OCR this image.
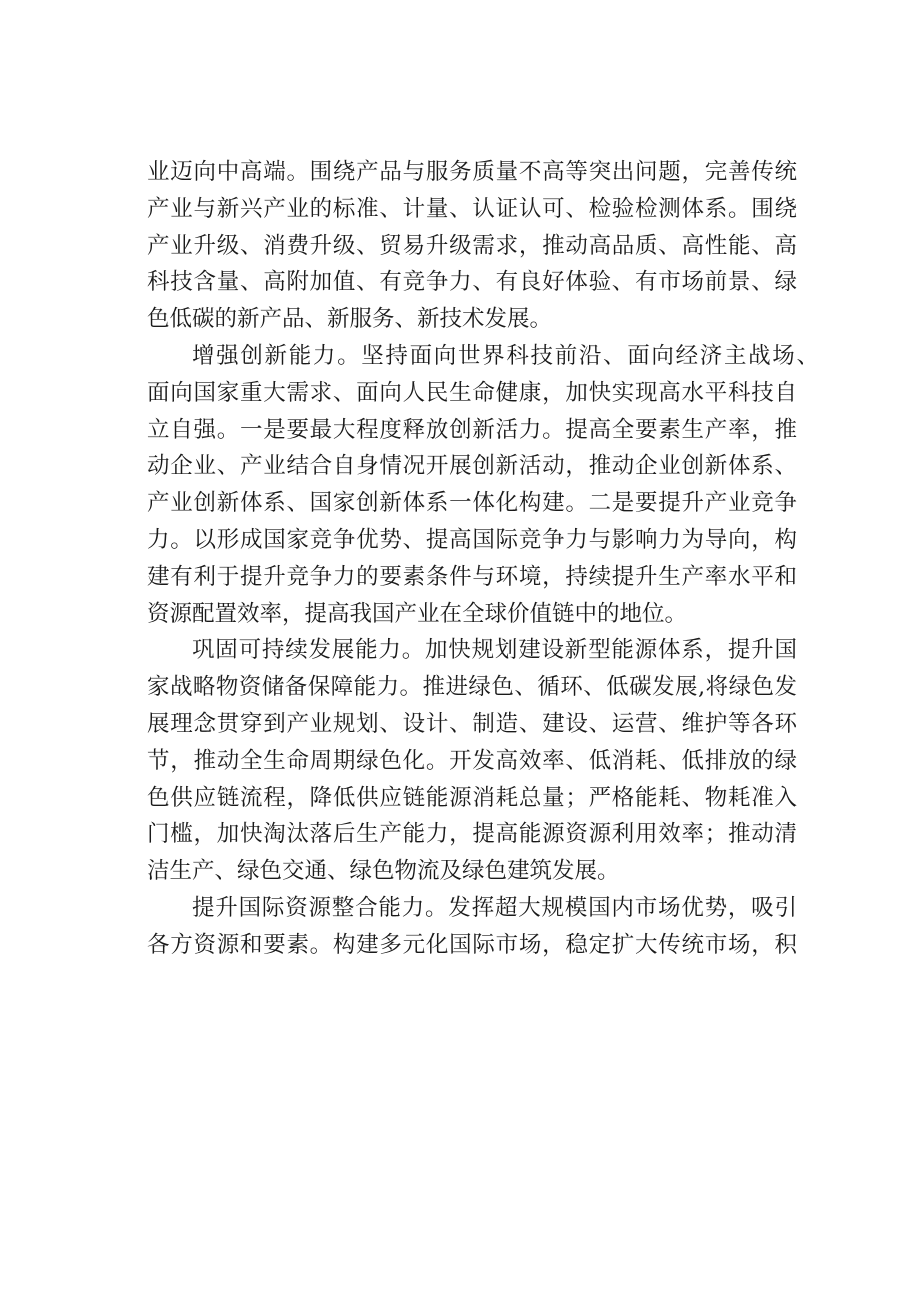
业迈向中高端。围绕产品与服务质量不高等突出问题，完善传统
产业与新兴产业的标准、计量、认证认可、检验检测体系。围绕
产业升级、消费升级、贸易升级需求，推动高品质、高性能、高
科技含量、高附加值、有竞争力、有良好体验、有市场前景、绿
色低碳的新产品、新服务、新技术发展。
增强创新能力。坚持面向世界科技前沿、面向经济主战场、
面向国家重大需求、面向人民生命健康，加快实现高水平科技自
立自强。一是要最大程度释放创新活力。提高全要素生产率，推
动企业、产业结合自身情况开展创新活动，推动企业创新体系、
产业创新体系、国家创新体系一体化构建。二是要提升产业竞争
力。以形成国家竞争优势、提高国际竞争力与影响力为导向，构
建有利于提升竞争力的要素条件与环境，持续提升生产率水平和
资源配置效率，提高我国产业在全球价值链中的地位。
巩固可持续发展能力。加快规划建设新型能源体系，提升国
家战略物资储备保障能力。推进绿色、循环、低碳发展,将绿色发
展理念贯穿到产业规划、设计、制造、建设、运营、维护等各环
节，推动全生命周期绿色化。开发高效率、低消耗、低排放的绿
色供应链流程，降低供应链能源消耗总量；严格能耗、物耗准入
门槛，加快淘汰落后生产能力，提高能源资源利用效率；推动清
洁生产、绿色交通、绿色物流及绿色建筑发展。
提升国际资源整合能力。发挥超大规模国内市场优势，吸引
各方资源和要素。构建多元化国际市场，稳定扩大传统市场，积
